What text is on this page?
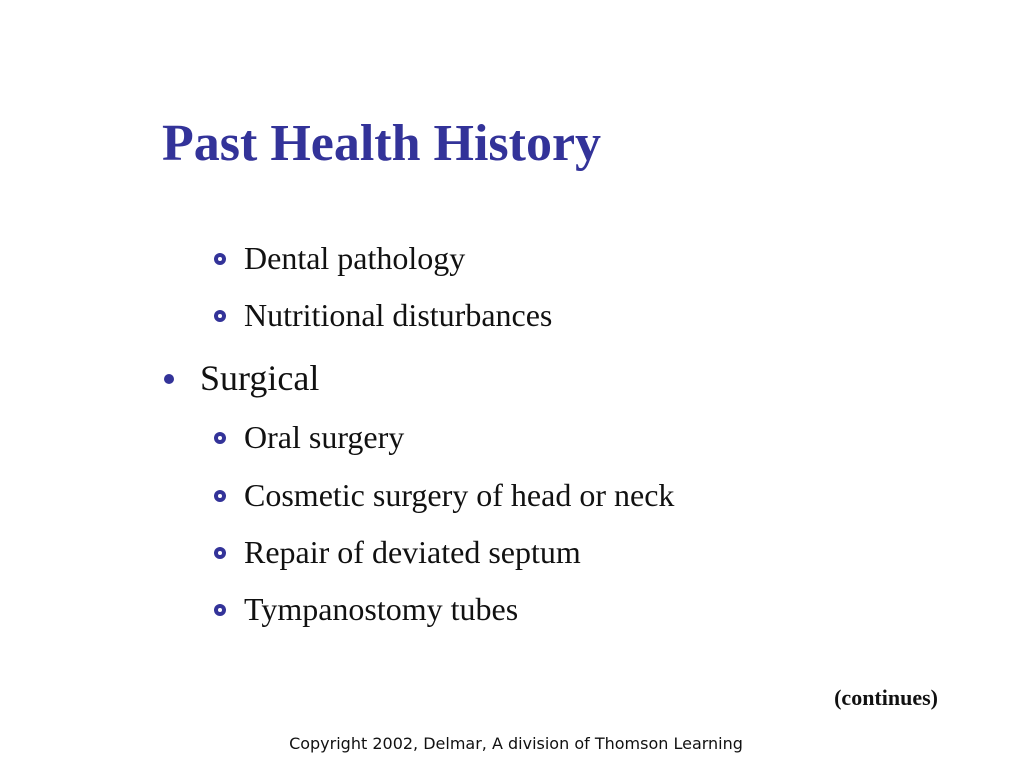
Past Health History
Dental pathology
Nutritional disturbances
Surgical
Oral surgery
Cosmetic surgery of head or neck
Repair of deviated septum
Tympanostomy tubes
(continues)
Copyright 2002, Delmar, A division of Thomson Learning
